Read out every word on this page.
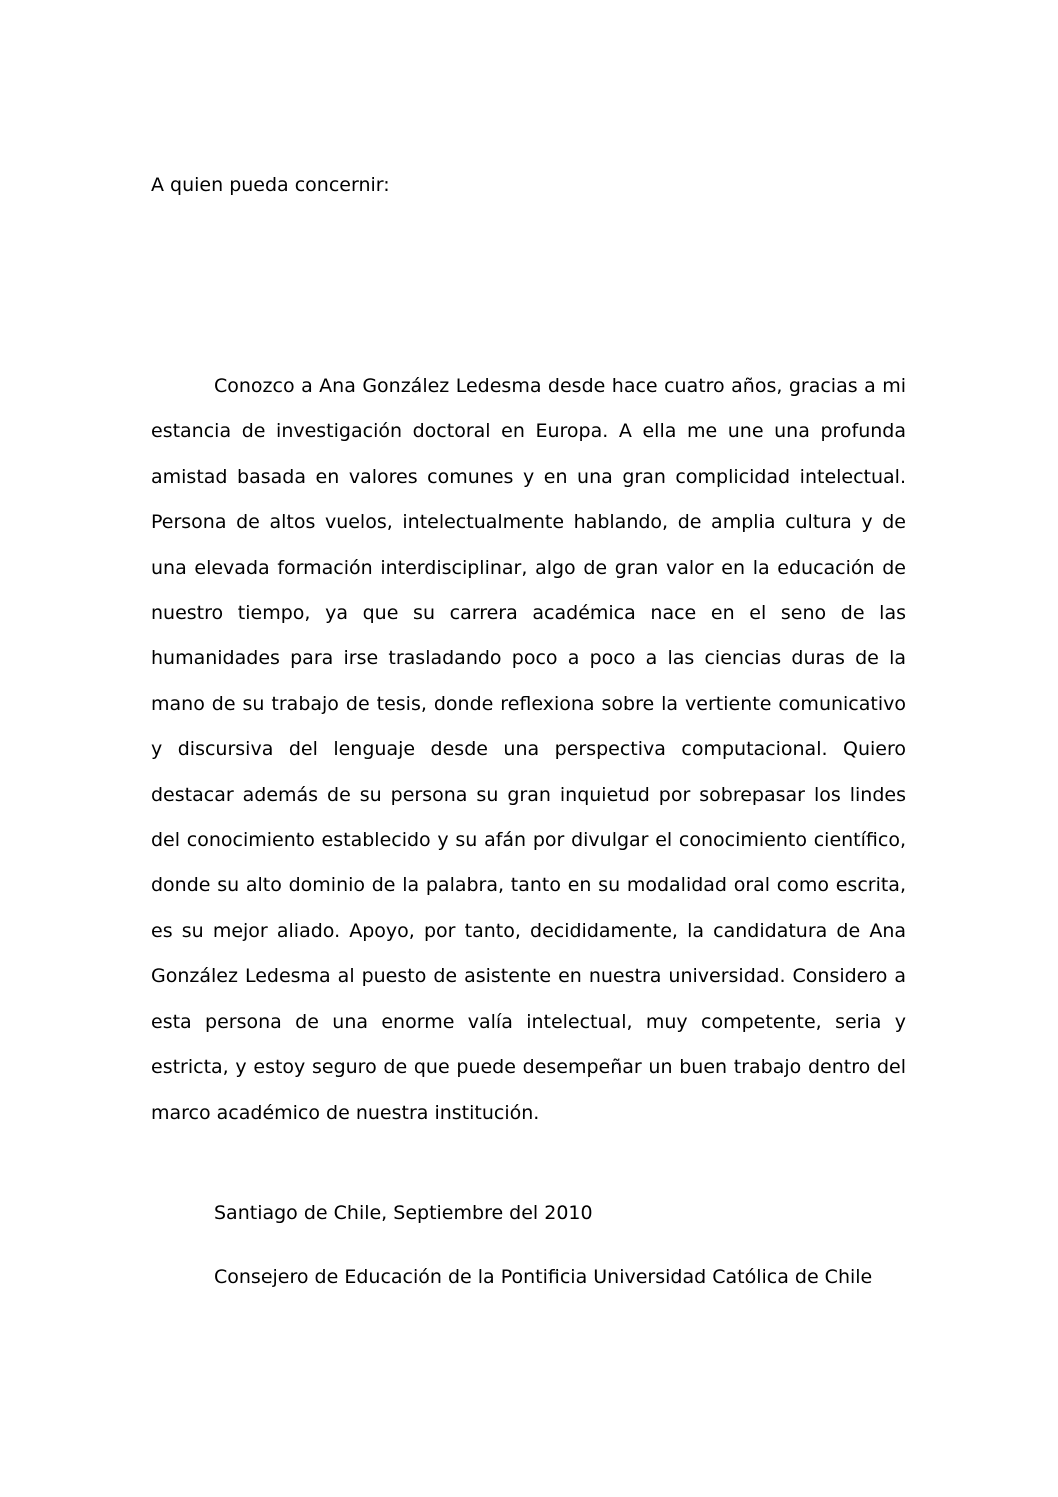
A quien pueda concernir:

Conozco a Ana González Ledesma desde hace cuatro años, gracias a mi estancia de investigación doctoral en Europa. A ella me une una profunda amistad basada en valores comunes y en una gran complicidad intelectual. Persona de altos vuelos, intelectualmente hablando, de amplia cultura y de una elevada formación interdisciplinar, algo de gran valor en la educación de nuestro tiempo, ya que su carrera académica nace en el seno de las humanidades para irse trasladando poco a poco a las ciencias duras de la mano de su trabajo de tesis, donde reflexiona sobre la vertiente comunicativo y discursiva del lenguaje desde una perspectiva computacional. Quiero destacar además de su persona su gran inquietud por sobrepasar los lindes del conocimiento establecido y su afán por divulgar el conocimiento científico, donde su alto dominio de la palabra, tanto en su modalidad oral como escrita, es su mejor aliado. Apoyo, por tanto, decididamente, la candidatura de Ana González Ledesma al puesto de asistente en nuestra universidad. Considero a esta persona de una enorme valía intelectual, muy competente, seria y estricta, y estoy seguro de que puede desempeñar un buen trabajo dentro del marco académico de nuestra institución.

Santiago de Chile, Septiembre del 2010
Consejero de Educación de la Pontificia Universidad Católica de Chile
